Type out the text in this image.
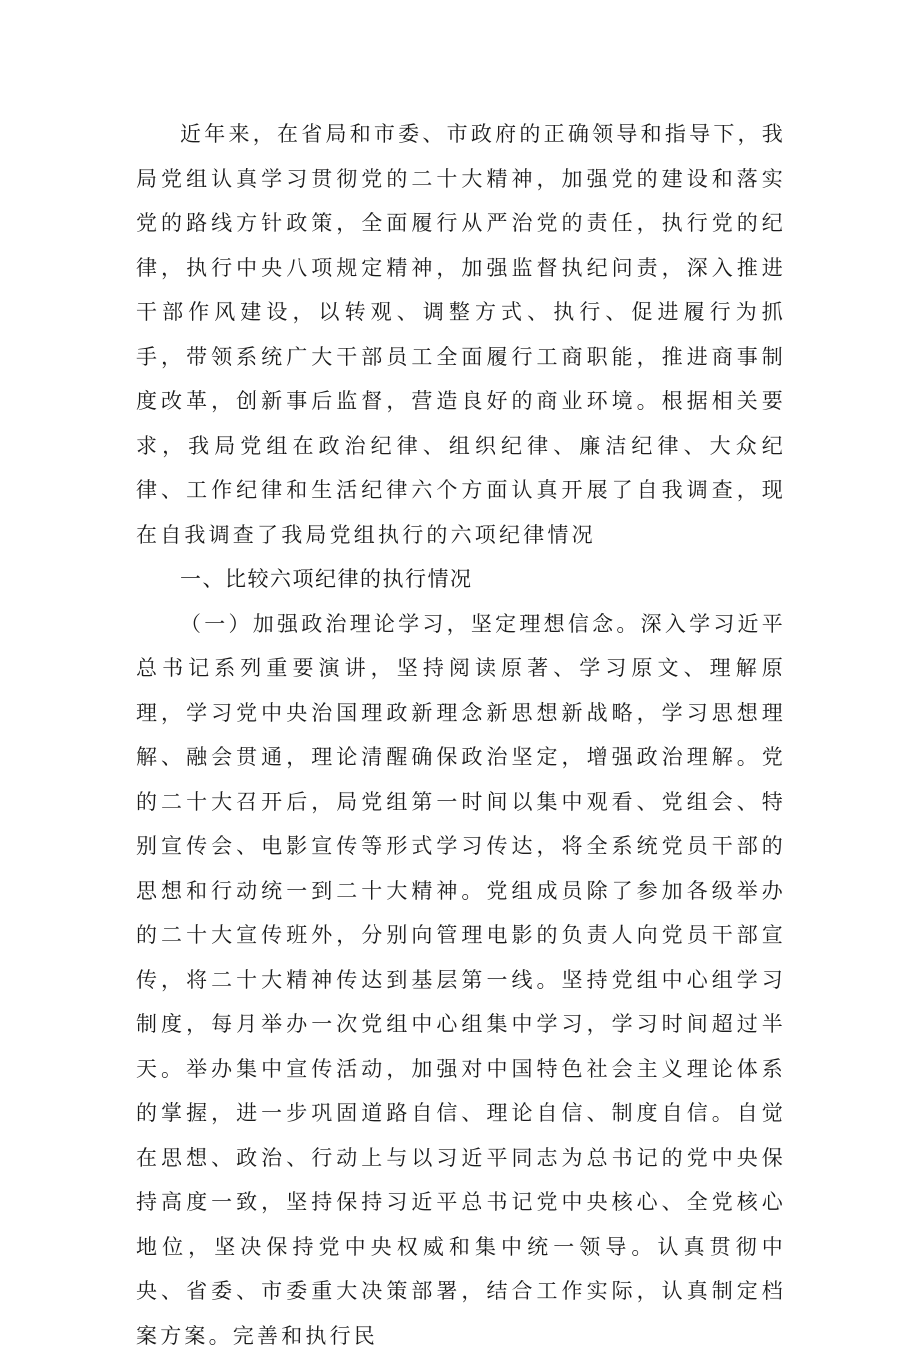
近年来，在省局和市委、市政府的正确领导和指导下，我局党组认真学习贯彻党的二十大精神，加强党的建设和落实党的路线方针政策，全面履行从严治党的责任，执行党的纪律，执行中央八项规定精神，加强监督执纪问责，深入推进干部作风建设，以转观、调整方式、执行、促进履行为抓手，带领系统广大干部员工全面履行工商职能，推进商事制度改革，创新事后监督，营造良好的商业环境。根据相关要求，我局党组在政治纪律、组织纪律、廉洁纪律、大众纪律、工作纪律和生活纪律六个方面认真开展了自我调查，现在自我调查了我局党组执行的六项纪律情况

一、比较六项纪律的执行情况

（一）加强政治理论学习，坚定理想信念。深入学习近平总书记系列重要演讲，坚持阅读原著、学习原文、理解原理，学习党中央治国理政新理念新思想新战略，学习思想理解、融会贯通，理论清醒确保政治坚定，增强政治理解。党的二十大召开后，局党组第一时间以集中观看、党组会、特别宣传会、电影宣传等形式学习传达，将全系统党员干部的思想和行动统一到二十大精神。党组成员除了参加各级举办的二十大宣传班外，分别向管理电影的负责人向党员干部宣传，将二十大精神传达到基层第一线。坚持党组中心组学习制度，每月举办一次党组中心组集中学习，学习时间超过半天。举办集中宣传活动，加强对中国特色社会主义理论体系的掌握，进一步巩固道路自信、理论自信、制度自信。自觉在思想、政治、行动上与以习近平同志为总书记的党中央保持高度一致，坚持保持习近平总书记党中央核心、全党核心地位，坚决保持党中央权威和集中统一领导。认真贯彻中央、省委、市委重大决策部署，结合工作实际，认真制定档案方案。完善和执行民
